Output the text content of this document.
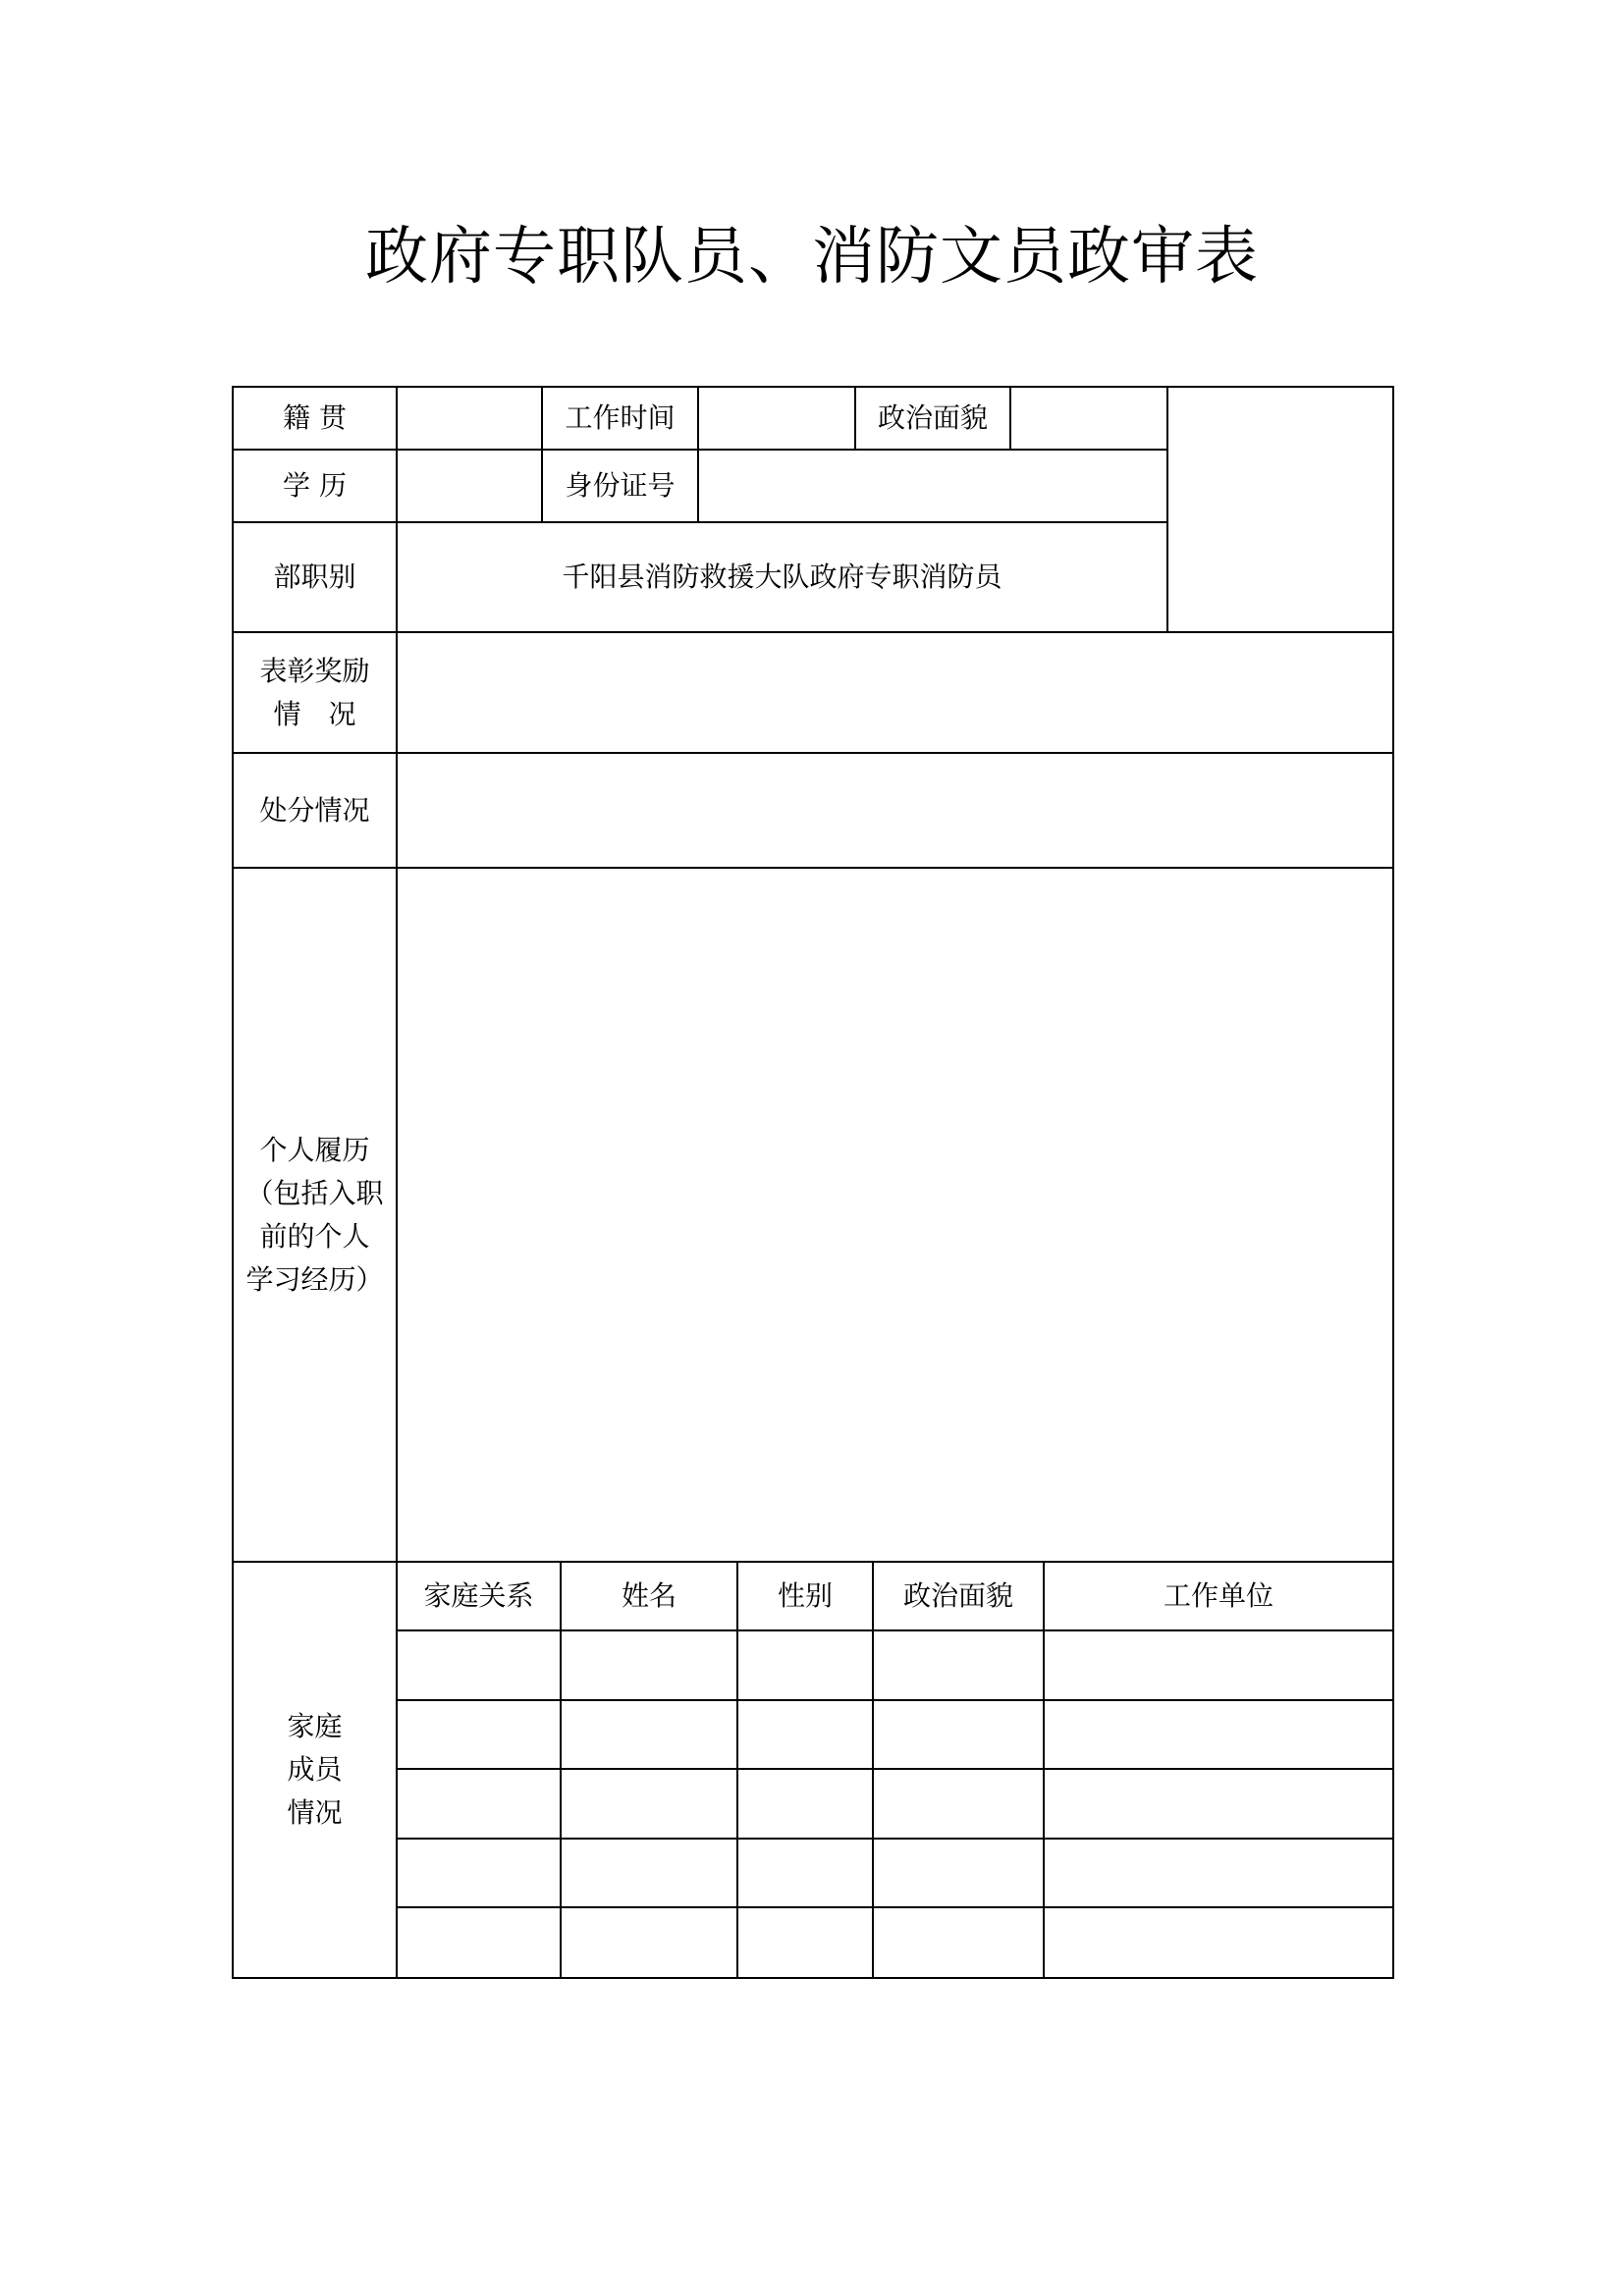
政府专职队员、消防文员政审表
籍 贯	工作时间	政治面貌
学 历	身份证号
部职别	千阳县消防救援大队政府专职消防员
表彰奖励
情　况
处分情况
个人履历
（包括入职
前的个人
学习经历）
家庭
成员
情况
家庭关系	姓名	性别	政治面貌	工作单位
